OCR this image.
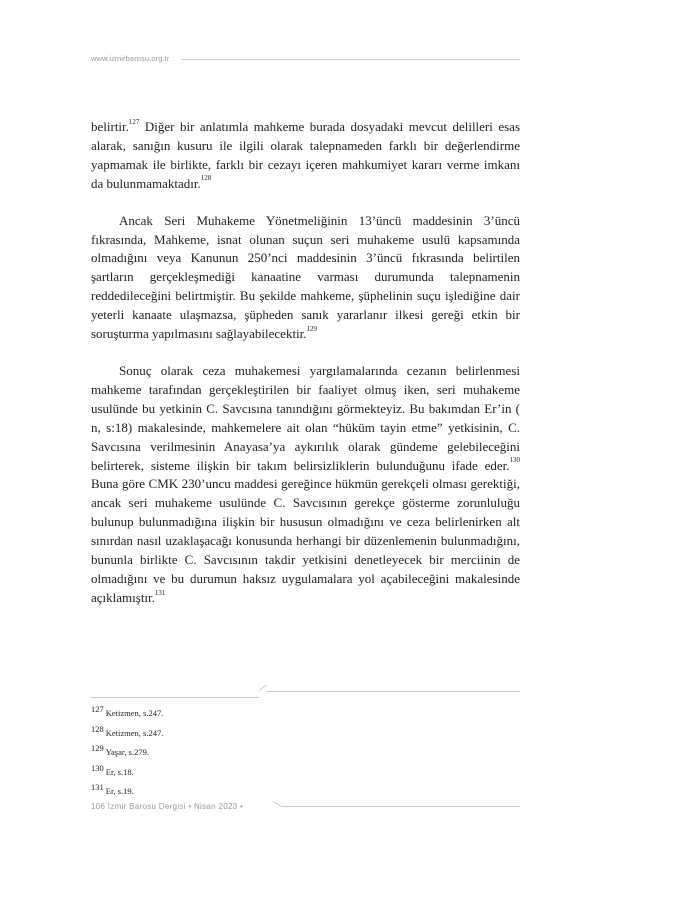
www.izmirbarosu.org.tr

belirtir.$^{127}$ Diğer bir anlatımla mahkeme burada dosyadaki mevcut delilleri esas alarak, sanığın kusuru ile ilgili olarak talepnameden farklı bir değerlendirme yapmamak ile birlikte, farklı bir cezayı içeren mahkumiyet kararı verme imkanı da bulunmamaktadır.$^{128}$

Ancak Seri Muhakeme Yönetmeliğinin 13’üncü maddesinin 3’üncü fıkrasında, Mahkeme, isnat olunan suçun seri muhakeme usulü kapsamında olmadığını veya Kanunun 250’nci maddesinin 3’üncü fıkrasında belirtilen şartların gerçekleşmediği kanaatine varması durumunda talepnamenin reddedileceğini belirtmiştir. Bu şekilde mahkeme, şüphelinin suçu işlediğine dair yeterli kanaate ulaşmazsa, şüpheden sanık yararlanır ilkesi gereği etkin bir soruşturma yapılmasını sağlayabilecektir.$^{129}$

Sonuç olarak ceza muhakemesi yargılamalarında cezanın belirlenmesi mahkeme tarafından gerçekleştirilen bir faaliyet olmuş iken, seri muhakeme usulünde bu yetkinin C. Savcısına tanındığını görmekteyiz. Bu bakımdan Er’in ( n, s:18) makalesinde, mahkemelere ait olan “hüküm tayin etme” yetkisinin, C. Savcısına verilmesinin Anayasa’ya aykırılık olarak gündeme gelebileceğini belirterek, sisteme ilişkin bir takım belirsizliklerin bulunduğunu ifade eder.$^{130}$ Buna göre CMK 230’uncu maddesi gereğince hükmün gerekçeli olması gerektiği, ancak seri muhakeme usulünde C. Savcısının gerekçe gösterme zorunluluğu bulunup bulunmadığına ilişkin bir hususun olmadığını ve ceza belirlenirken alt sınırdan nasıl uzaklaşacağı konusunda herhangi bir düzenlemenin bulunmadığını, bununla birlikte C. Savcısının takdir yetkisini denetleyecek bir merciinin de olmadığını ve bu durumun haksız uygulamalara yol açabileceğini makalesinde açıklamıştır.$^{131}$

127 Ketizmen, s.247.
128 Ketizmen, s.247.
129 Yaşar, s.279.
130 Er, s.18.
131 Er, s.19.
106 İzmir Barosu Dergisi • Nisan 2023 •
